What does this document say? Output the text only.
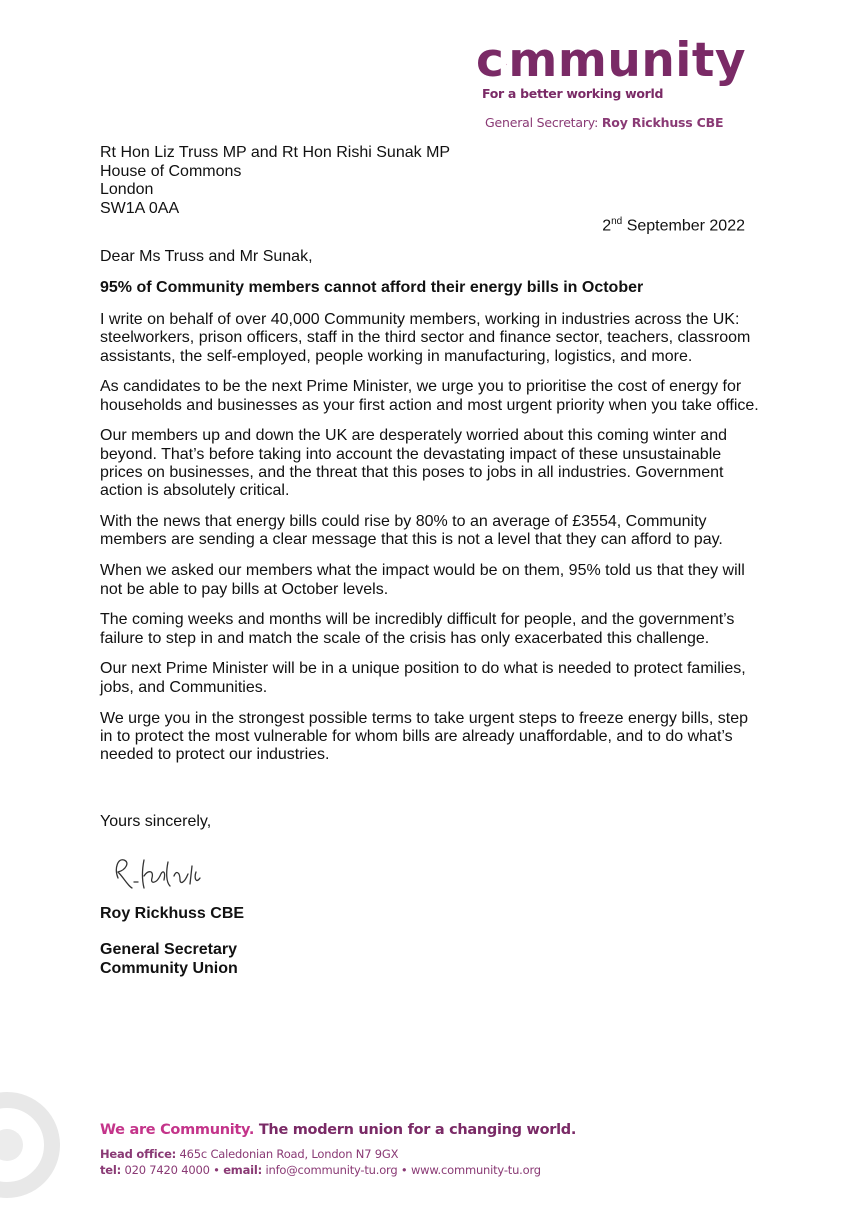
c mmunity
For a better working world
General Secretary: Roy Rickhuss CBE
Rt Hon Liz Truss MP and Rt Hon Rishi Sunak MP
House of Commons
London
SW1A 0AA
2nd September 2022
Dear Ms Truss and Mr Sunak,
95% of Community members cannot afford their energy bills in October

I write on behalf of over 40,000 Community members, working in industries across the UK: steelworkers, prison officers, staff in the third sector and finance sector, teachers, classroom assistants, the self-employed, people working in manufacturing, logistics, and more.

As candidates to be the next Prime Minister, we urge you to prioritise the cost of energy for households and businesses as your first action and most urgent priority when you take office.

Our members up and down the UK are desperately worried about this coming winter and beyond. That’s before taking into account the devastating impact of these unsustainable prices on businesses, and the threat that this poses to jobs in all industries. Government action is absolutely critical.

With the news that energy bills could rise by 80% to an average of £3554, Community members are sending a clear message that this is not a level that they can afford to pay.

When we asked our members what the impact would be on them, 95% told us that they will not be able to pay bills at October levels.

The coming weeks and months will be incredibly difficult for people, and the government’s failure to step in and match the scale of the crisis has only exacerbated this challenge.

Our next Prime Minister will be in a unique position to do what is needed to protect families, jobs, and Communities.

We urge you in the strongest possible terms to take urgent steps to freeze energy bills, step in to protect the most vulnerable for whom bills are already unaffordable, and to do what’s needed to protect our industries.

Yours sincerely,
Roy Rickhuss CBE
General Secretary
Community Union
We are Community. The modern union for a changing world.
Head office: 465c Caledonian Road, London N7 9GX
tel: 020 7420 4000 • email: info@community-tu.org • www.community-tu.org
